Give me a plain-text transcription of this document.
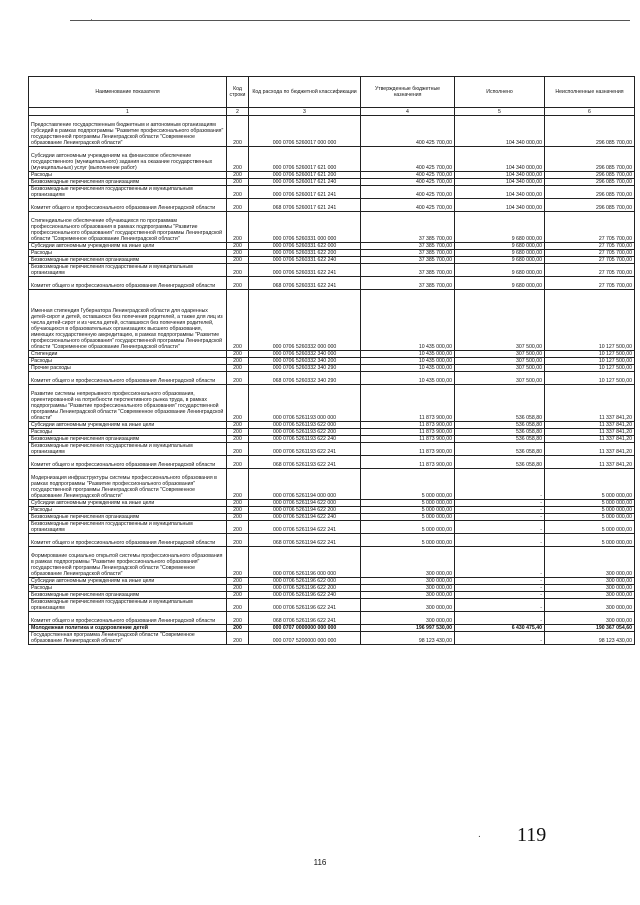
·
Наименование показателя	Код строки	Код расхода по бюджетной классификации	Утвержденные бюджетные назначения	Исполнено	Неисполненные назначения
1	2	3	4	5	6
Предоставление государственным бюджетным и автономным организациям субсидий в рамках подпрограммы "Развитие профессионального образования" государственной программы Ленинградской области "Современное образование Ленинградской области"	200	000 0706 5260017 000 000	400 425 700,00	104 340 000,00	296 085 700,00
Субсидии автономным учреждениям на финансовое обеспечение государственного (муниципального) задания на оказание государственных (муниципальных) услуг (выполнение работ)	200	000 0706 5260017 621 000	400 425 700,00	104 340 000,00	296 085 700,00
Расходы	200	000 0706 5260017 621 200	400 425 700,00	104 340 000,00	296 085 700,00
Безвозмездные перечисления организациям	200	000 0706 5260017 621 240	400 425 700,00	104 340 000,00	296 085 700,00
Безвозмездные перечисления государственным и муниципальным организациям	200	000 0706 5260017 621 241	400 425 700,00	104 340 000,00	296 085 700,00
Комитет общего и профессионального образования Ленинградской области	200	068 0706 5260017 621 241	400 425 700,00	104 340 000,00	296 085 700,00
Стипендиальное обеспечение обучающихся по программам профессионального образования в рамках подпрограммы "Развитие профессионального образования" государственной программы Ленинградской области "Современное образование Ленинградской области"	200	000 0706 5260331 000 000	37 385 700,00	9 680 000,00	27 705 700,00
Субсидии автономным учреждениям на иные цели	200	000 0706 5260331 622 000	37 385 700,00	9 680 000,00	27 705 700,00
Расходы	200	000 0706 5260331 622 200	37 385 700,00	9 680 000,00	27 705 700,00
Безвозмездные перечисления организациям	200	000 0706 5260331 622 240	37 385 700,00	9 680 000,00	27 705 700,00
Безвозмездные перечисления государственным и муниципальным организациям	200	000 0706 5260331 622 241	37 385 700,00	9 680 000,00	27 705 700,00
Комитет общего и профессионального образования Ленинградской области	200	068 0706 5260331 622 241	37 385 700,00	9 680 000,00	27 705 700,00
Именная стипендия Губернатора Ленинградской области для одаренных детей-сирот и детей, оставшихся без попечения родителей, а также для лиц из числа детей-сирот и из числа детей, оставшихся без попечения родителей, обучающихся в образовательных организациях высшего образования, имеющих государственную аккредитацию, в рамках подпрограммы "Развитие профессионального образования" государственной программы Ленинградской области "Современное образование Ленинградской области"	200	000 0706 5260332 000 000	10 435 000,00	307 500,00	10 127 500,00
Стипендии	200	000 0706 5260332 340 000	10 435 000,00	307 500,00	10 127 500,00
Расходы	200	000 0706 5260332 340 200	10 435 000,00	307 500,00	10 127 500,00
Прочие расходы	200	000 0706 5260332 340 290	10 435 000,00	307 500,00	10 127 500,00
Комитет общего и профессионального образования Ленинградской области	200	068 0706 5260332 340 290	10 435 000,00	307 500,00	10 127 500,00
Развитие системы непрерывного профессионального образования, ориентированной на потребности перспективного рынка труда, в рамках подпрограммы "Развитие профессионального образования" государственной программы Ленинградской области "Современное образование Ленинградской области"	200	000 0706 5261193 000 000	11 873 900,00	536 058,80	11 337 841,20
Субсидии автономным учреждениям на иные цели	200	000 0706 5261193 622 000	11 873 900,00	536 058,80	11 337 841,20
Расходы	200	000 0706 5261193 622 200	11 873 900,00	536 058,80	11 337 841,20
Безвозмездные перечисления организациям	200	000 0706 5261193 622 240	11 873 900,00	536 058,80	11 337 841,20
Безвозмездные перечисления государственным и муниципальным организациям	200	000 0706 5261193 622 241	11 873 900,00	536 058,80	11 337 841,20
Комитет общего и профессионального образования Ленинградской области	200	068 0706 5261193 622 241	11 873 900,00	536 058,80	11 337 841,20
Модернизация инфраструктуры системы профессионального образования в рамках подпрограммы "Развитие профессионального образования" государственной программы Ленинградской области "Современное образование Ленинградской области"	200	000 0706 5261194 000 000	5 000 000,00	-	5 000 000,00
Субсидии автономным учреждениям на иные цели	200	000 0706 5261194 622 000	5 000 000,00	-	5 000 000,00
Расходы	200	000 0706 5261194 622 200	5 000 000,00	-	5 000 000,00
Безвозмездные перечисления организациям	200	000 0706 5261194 622 240	5 000 000,00	-	5 000 000,00
Безвозмездные перечисления государственным и муниципальным организациям	200	000 0706 5261194 622 241	5 000 000,00	-	5 000 000,00
Комитет общего и профессионального образования Ленинградской области	200	068 0706 5261194 622 241	5 000 000,00	-	5 000 000,00
Формирование социально открытой системы профессионального образования в рамках подпрограммы "Развитие профессионального образования" государственной программы Ленинградской области "Современное образование Ленинградской области"	200	000 0706 5261196 000 000	300 000,00	-	300 000,00
Субсидии автономным учреждениям на иные цели	200	000 0706 5261196 622 000	300 000,00	-	300 000,00
Расходы	200	000 0706 5261196 622 200	300 000,00	-	300 000,00
Безвозмездные перечисления организациям	200	000 0706 5261196 622 240	300 000,00	-	300 000,00
Безвозмездные перечисления государственным и муниципальным организациям	200	000 0706 5261196 622 241	300 000,00	-	300 000,00
Комитет общего и профессионального образования Ленинградской области	200	068 0706 5261196 622 241	300 000,00	-	300 000,00
Молодежная политика и оздоровление детей	200	000 0707 0000000 000 000	196 997 530,00	6 430 475,40	190 367 054,60
Государственная программа Ленинградской области "Современное образование Ленинградской области"	200	000 0707 5200000 000 000	98 123 430,00	-	98 123 430,00
. 119
116
